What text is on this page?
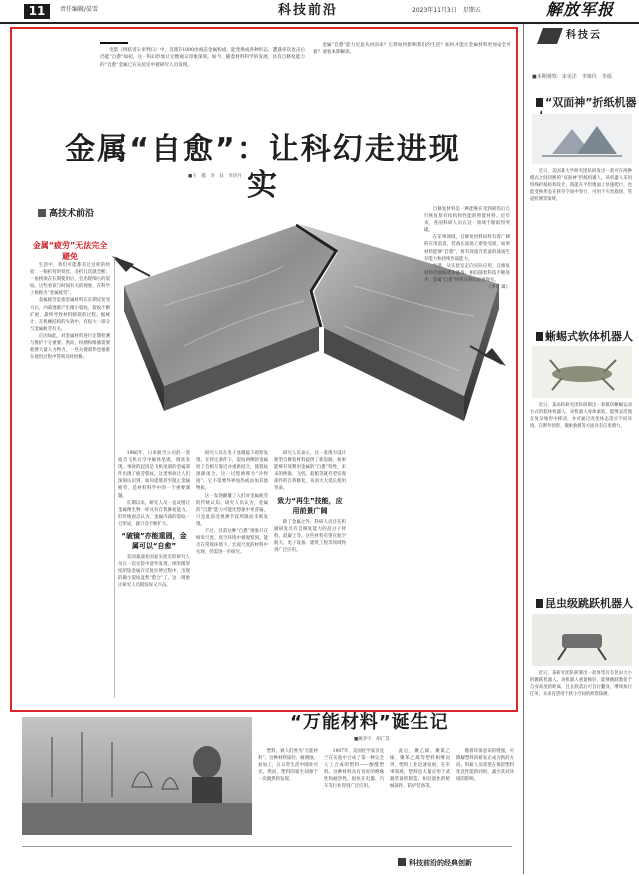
11	责任编辑/晏雪	科技前沿	2023年11月3日　星期五	解放军报

电影《终结者2·审判日》中，反派T-1000由液态金属构成，能变换成各种形态，遭遇多次攻击后仍能“自愈”如初。这一科幻形象让无数观众印象深刻。如今，随着材料科学的发展，具有自修复能力的“自愈”金属已在实验室中被研究人员发现。

金属“自愈”能力究竟从何而来？它将如何影响我们的生活？如何才能让金属材料更加安全可靠？请看本期解读。

金属“自愈”：让科幻走进现实
■王　越　李　钰　李济月
高技术前沿
金属“疲劳”无法完全避免

生活中，我们可能都有过这样的经验：一根折弯的铁丝，多折几次就会断；一座桥梁在长期使用后，会出现细小的裂纹。这些看似与时间有关的现象，在科学上被称为“金属疲劳”。

金属疲劳是指金属材料在长期反复受力后，内部逐渐产生微小裂纹，裂纹不断扩展，最终导致材料断裂的过程。据统计，在机械结构的失效中，有很大一部分与金属疲劳有关。

正因如此，对金属材料进行定期检测与维护十分重要。然而，检测和维修需要耗费大量人力物力，一些关键部件也很难在使用过程中得到及时检修。

1966年，日本航空公司的一架波音飞机在空中解体坠毁，调查发现，事故的起因是飞机尾部的金属部件出现了疲劳裂纹。这类事故让人们深刻认识到，如何延缓甚至阻止金属疲劳，是材料科学中的一个重要课题。

长期以来，研究人员一直试图让金属像生物一样具有自我修复能力。但传统观点认为，金属内部的裂纹一旦形成，就只会不断扩大。

“破镜”亦能重圆，金属可以“自愈”

美国桑迪亚国家实验室的研究人员在一次实验中意外发现，纳米级厚度的铂金属在反复拉伸过程中，出现的微小裂纹竟然“愈合”了。这一现象让研究人员既惊讶又兴奋。

研究人员在电子显微镜下观察发现，在特定条件下，裂纹两侧的金属原子会相互靠近并重新结合，使裂纹逐渐闭合。这一过程被称为“冷焊接”，它不需要外界加热或添加其他物质。

这一发现颠覆了人们对金属疲劳的传统认知。研究人员认为，金属的“自愈”能力可能比想象中更普遍，只是此前受观测手段所限而未被发现。

不过，目前这种“自愈”现象只在纳米尺度、真空环境中被观察到，能否在常规环境下、宏观尺度的材料中实现，仍需进一步研究。

研究人员表示，这一发现为设计新型自修复材料提供了新思路。如果能够有效利用金属的“自愈”特性，未来的桥梁、飞机、船舶等就有望实现部件的自我修复，从而大大延长使用寿命。

致力“再生”技能，应用前景广阔

除了金属之外，科研人员还在积极研发具有自修复能力的高分子材料、混凝土等。这些材料有望在航空航天、电子设备、建筑工程等领域得到广泛应用。

自修复材料是一种能够在受到损伤后自行恢复原有结构和性能的智能材料。近年来，各国科研人员在这一领域不断取得突破。

在军事领域，自修复材料同样有着广阔的应用前景。装备在战场上难免受损，如果材料能够“自愈”，将有效提升装备的战场生存能力和持续作战能力。

当然，从实验室走向实际应用，自修复材料仍面临诸多挑战。相信随着科技不断进步，金属“自愈”终将从科幻走进现实。

（李黄 辑）

科技云
■本期观察：宋美洋　李姝仪　李福
“双面神”折纸机器

近日，美国某大学研究团队研发出一款可在两种模式之间切换的“双面神”折纸机器人。该机器人采用特殊折纸结构设计，既能在平坦地面上快速爬行，也能变换形态在狭窄空间中穿行，可用于灾害救援、管道检测等领域。

蜥蜴式软体机器人

近日，某高校研究团队研制出一款模仿蜥蜴运动方式的软体机器人。该机器人身体柔软，能够灵活地在复杂地形中移动，并可通过改变体态适应不同环境，在野外侦察、搜索救援等方面具有应用潜力。

昆虫级跳跃机器人

近日，某研究团队研制出一款体型仅有昆虫大小的跳跃机器人。该机器人重量极轻，能够跳跃数倍于自身高度的距离，且在跌落后可自行翻身，继续执行任务，未来有望用于狭小空间的侦察探测。

“万能材料”诞生记
■姚李宇　胡广昊

塑料，被人们誉为“万能材料”。这种材料质轻、耐腐蚀、易加工，在日常生活中随处可见。然而，塑料的诞生却源于一次偶然的发现。

1907年，美国化学家贝克兰在实验中合成了第一种完全人工合成的塑料——酚醛塑料。这种材料具有良好的绝缘性和耐热性，很快在电器、汽车等行业得到广泛应用。

此后，聚乙烯、聚氯乙烯、聚苯乙烯等塑料相继问世，塑料工业迅速发展。在军事领域，塑料也大量应用于武器装备的制造，如轻量化的枪械部件、防护装备等。

随着环保意识的增强，可降解塑料的研发正成为新的方向。科研人员希望在保留塑料优良性能的同时，减少其对环境的影响。

科技前沿的经典创新
